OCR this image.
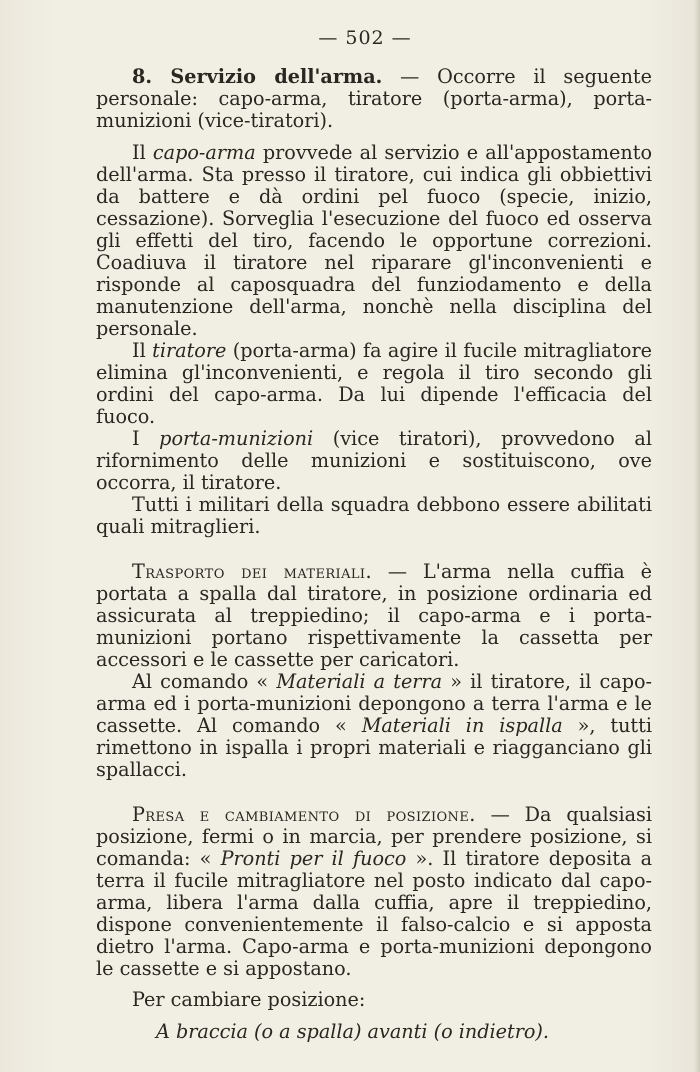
— 502 —

8. Servizio dell'arma. — Occorre il seguente personale: capo-arma, tiratore (porta-arma), porta-munizioni (vice-tiratori).

Il capo-arma provvede al servizio e all'appostamento dell'arma. Sta presso il tiratore, cui indica gli obbiettivi da battere e dà ordini pel fuoco (specie, inizio, cessazione). Sorveglia l'esecuzione del fuoco ed osserva gli effetti del tiro, facendo le opportune correzioni. Coadiuva il tiratore nel riparare gl'inconvenienti e risponde al caposquadra del funziodamento e della manutenzione dell'arma, nonchè nella disciplina del personale.

Il tiratore (porta-arma) fa agire il fucile mitragliatore elimina gl'inconvenienti, e regola il tiro secondo gli ordini del capo-arma. Da lui dipende l'efficacia del fuoco.

I porta-munizioni (vice tiratori), provvedono al rifornimento delle munizioni e sostituiscono, ove occorra, il tiratore.

Tutti i militari della squadra debbono essere abilitati quali mitraglieri.

Trasporto dei materiali. — L'arma nella cuffia è portata a spalla dal tiratore, in posizione ordinaria ed assicurata al treppiedino; il capo-arma e i porta-munizioni portano rispettivamente la cassetta per accessori e le cassette per caricatori.

Al comando « Materiali a terra » il tiratore, il capo-arma ed i porta-munizioni depongono a terra l'arma e le cassette. Al comando « Materiali in ispalla », tutti rimettono in ispalla i propri materiali e riagganciano gli spallacci.

Presa e cambiamento di posizione. — Da qualsiasi posizione, fermi o in marcia, per prendere posizione, si comanda: « Pronti per il fuoco ». Il tiratore deposita a terra il fucile mitragliatore nel posto indicato dal capo-arma, libera l'arma dalla cuffia, apre il treppiedino, dispone convenientemente il falso-calcio e si apposta dietro l'arma. Capo-arma e porta-munizioni depongono le cassette e si appostano.

Per cambiare posizione:

A braccia (o a spalla) avanti (o indietro).
